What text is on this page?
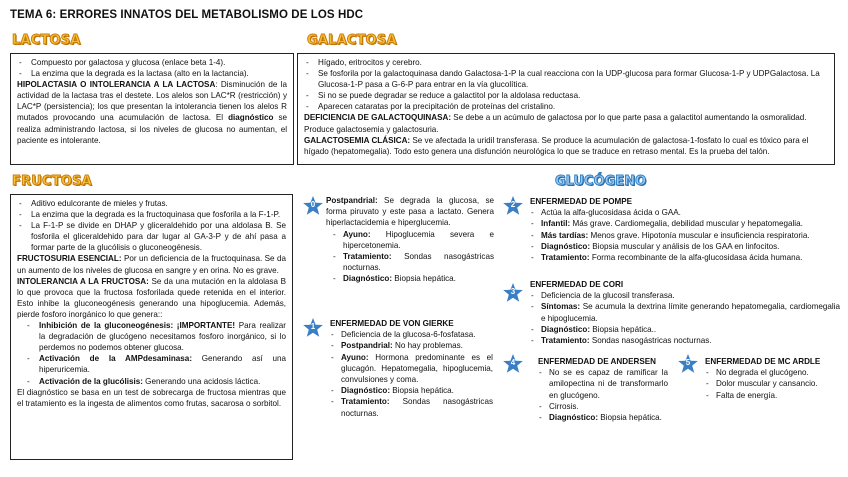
TEMA 6: ERRORES INNATOS DEL METABOLISMO DE LOS HDC
LACTOSA
- Compuesto por galactosa y glucosa (enlace beta 1-4).
- La enzima que la degrada es la lactasa (alto en la lactancia).

HIPOLACTASIA O INTOLERANCIA A LA LACTOSA: Disminución de la actividad de la lactasa tras el destete. Los alelos son LAC*R (restricción) y LAC*P (persistencia); los que presentan la intolerancia tienen los alelos R mutados provocando una acumulación de lactosa. El diagnóstico se realiza administrando lactosa, si los niveles de glucosa no aumentan, el paciente es intolerante.

GALACTOSA
- Hígado, eritrocitos y cerebro.
- Se fosforila por la galactoquinasa dando Galactosa-1-P la cual reacciona con la UDP-glucosa para formar Glucosa-1-P y UDPGalactosa. La Glucosa-1-P pasa a G-6-P para entrar en la vía glucolítica.
- Si no se puede degradar se reduce a galactitol por la aldolasa reductasa.
- Aparecen cataratas por la precipitación de proteínas del cristalino.

DEFICIENCIA DE GALACTOQUINASA: Se debe a un acúmulo de galactosa por lo que parte pasa a galactitol aumentando la osmoralidad. Produce galactosemia y galactosuria.

GALACTOSEMIA CLÁSICA: Se ve afectada la uridil transferasa. Se produce la acumulación de galactosa-1-fosfato lo cual es tóxico para el hígado (hepatomegalia). Todo esto genera una disfunción neurológica lo que se traduce en retraso mental. Es la prueba del talón.

FRUCTOSA
- Aditivo edulcorante de mieles y frutas.
- La enzima que la degrada es la fructoquinasa que fosforila a la F-1-P.
- La F-1-P se divide en DHAP y gliceraldehido por una aldolasa B. Se fosforila el gliceraldehido para dar lugar al GA-3-P y de ahí pasa a formar parte de la glucólisis o gluconeogénesis.

FRUCTOSURIA ESENCIAL: Por un deficiencia de la fructoquinasa. Se da un aumento de los niveles de glucosa en sangre y en orina. No es grave.

INTOLERANCIA A LA FRUCTOSA: Se da una mutación en la aldolasa B lo que provoca que la fructosa fosforilada quede retenida en el interior. Esto inhibe la gluconeogénesis generando una hipoglucemia. Además, pierde fosforo inorgánico lo que genera::

- Inhibición de la gluconeogénesis: ¡IMPORTANTE! Para realizar la degradación de glucógeno necesitamos fosforo inorgánico, si lo perdemos no podemos obtener glucosa.
- Activación de la AMPdesaminasa: Generando así una hiperuricemia.
- Activación de la glucólisis: Generando una acidosis láctica.

El diagnóstico se basa en un test de sobrecarga de fructosa mientras que el tratamiento es la ingesta de alimentos como frutas, sacarosa o sorbitol.

GLUCÓGENO
0	Postpandrial: Se degrada la glucosa, se forma piruvato y este pasa a lactato. Genera hiperlactacidemia e hiperglucemia.

- Ayuno: Hipoglucemia severa e hipercetonemia.
- Tratamiento: Sondas nasogástricas nocturnas.
- Diagnóstico: Biopsia hepática.
1	ENFERMEDAD DE VON GIERKE
- Deficiencia de la glucosa-6-fosfatasa.
- Postpandrial: No hay problemas.
- Ayuno: Hormona predominante es el glucagón. Hepatomegalia, hipoglucemia, convulsiones y coma.
- Diagnóstico: Biopsia hepática.
- Tratamiento: Sondas nasogástricas nocturnas.
2	ENFERMEDAD DE POMPE
- Actúa la alfa-glucosidasa ácida o GAA.
- Infantil: Más grave. Cardiomegalia, debilidad muscular y hepatomegalia.
- Más tardías: Menos grave. Hipotonía muscular e insuficiencia respiratoria.
- Diagnóstico: Biopsia muscular y análisis de los GAA en linfocitos.
- Tratamiento: Forma recombinante de la alfa-glucosidasa ácida humana.
3
ENFERMEDAD DE CORI
- Deficiencia de la glucosil transferasa.
- Síntomas: Se acumula la dextrina límite generando hepatomegalia, cardiomegalia e hipoglucemia.
- Diagnóstico: Biopsia hepática..
- Tratamiento: Sondas nasogástricas nocturnas.
4	ENFERMEDAD DE ANDERSEN
- No se es capaz de ramificar la amilopectina ni de transformarlo en glucógeno.
- Cirrosis.
- Diagnóstico: Biopsia hepática.
5	ENFERMEDAD DE MC ARDLE
- No degrada el glucógeno.
- Dolor muscular y cansancio.
- Falta de energía.
